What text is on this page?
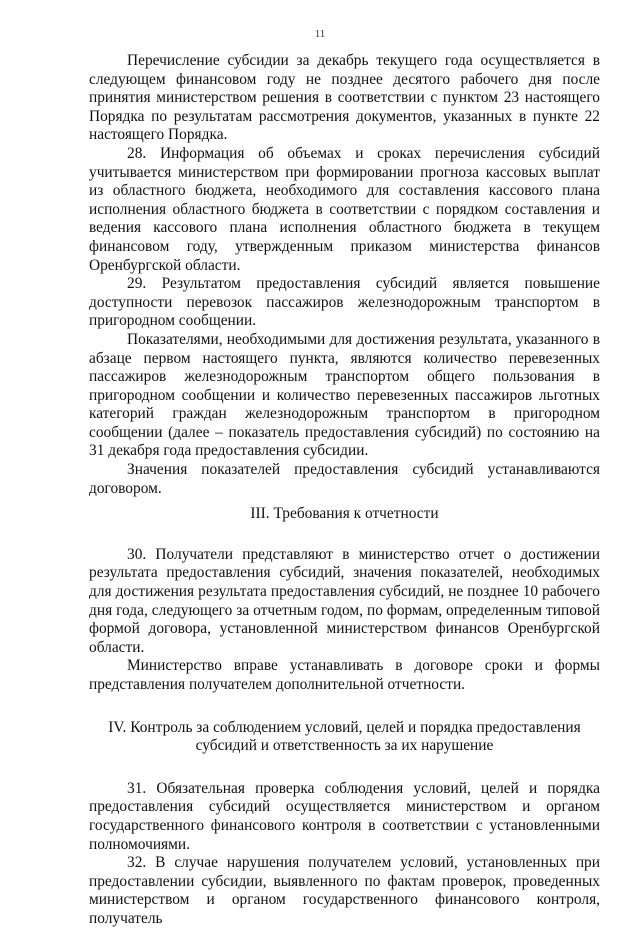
11

Перечисление субсидии за декабрь текущего года осуществляется в следующем финансовом году не позднее десятого рабочего дня после принятия министерством решения в соответствии с пунктом 23 настоящего Порядка по результатам рассмотрения документов, указанных в пункте 22 настоящего Порядка.

28. Информация об объемах и сроках перечисления субсидий учитывается министерством при формировании прогноза кассовых выплат из областного бюджета, необходимого для составления кассового плана исполнения областного бюджета в соответствии с порядком составления и ведения кассового плана исполнения областного бюджета в текущем финансовом году, утвержденным приказом министерства финансов Оренбургской области.

29. Результатом предоставления субсидий является повышение доступности перевозок пассажиров железнодорожным транспортом в пригородном сообщении.

Показателями, необходимыми для достижения результата, указанного в абзаце первом настоящего пункта, являются количество перевезенных пассажиров железнодорожным транспортом общего пользования в пригородном сообщении и количество перевезенных пассажиров льготных категорий граждан железнодорожным транспортом в пригородном сообщении (далее – показатель предоставления субсидий) по состоянию на 31 декабря года предоставления субсидии.

Значения показателей предоставления субсидий устанавливаются договором.

III. Требования к отчетности

30. Получатели представляют в министерство отчет о достижении результата предоставления субсидий, значения показателей, необходимых для достижения результата предоставления субсидий, не позднее 10 рабочего дня года, следующего за отчетным годом, по формам, определенным типовой формой договора, установленной министерством финансов Оренбургской области.

Министерство вправе устанавливать в договоре сроки и формы представления получателем дополнительной отчетности.

IV. Контроль за соблюдением условий, целей и порядка предоставления субсидий и ответственность за их нарушение

31. Обязательная проверка соблюдения условий, целей и порядка предоставления субсидий осуществляется министерством и органом государственного финансового контроля в соответствии с установленными полномочиями.

32. В случае нарушения получателем условий, установленных при предоставлении субсидии, выявленного по фактам проверок, проведенных министерством и органом государственного финансового контроля, получатель
